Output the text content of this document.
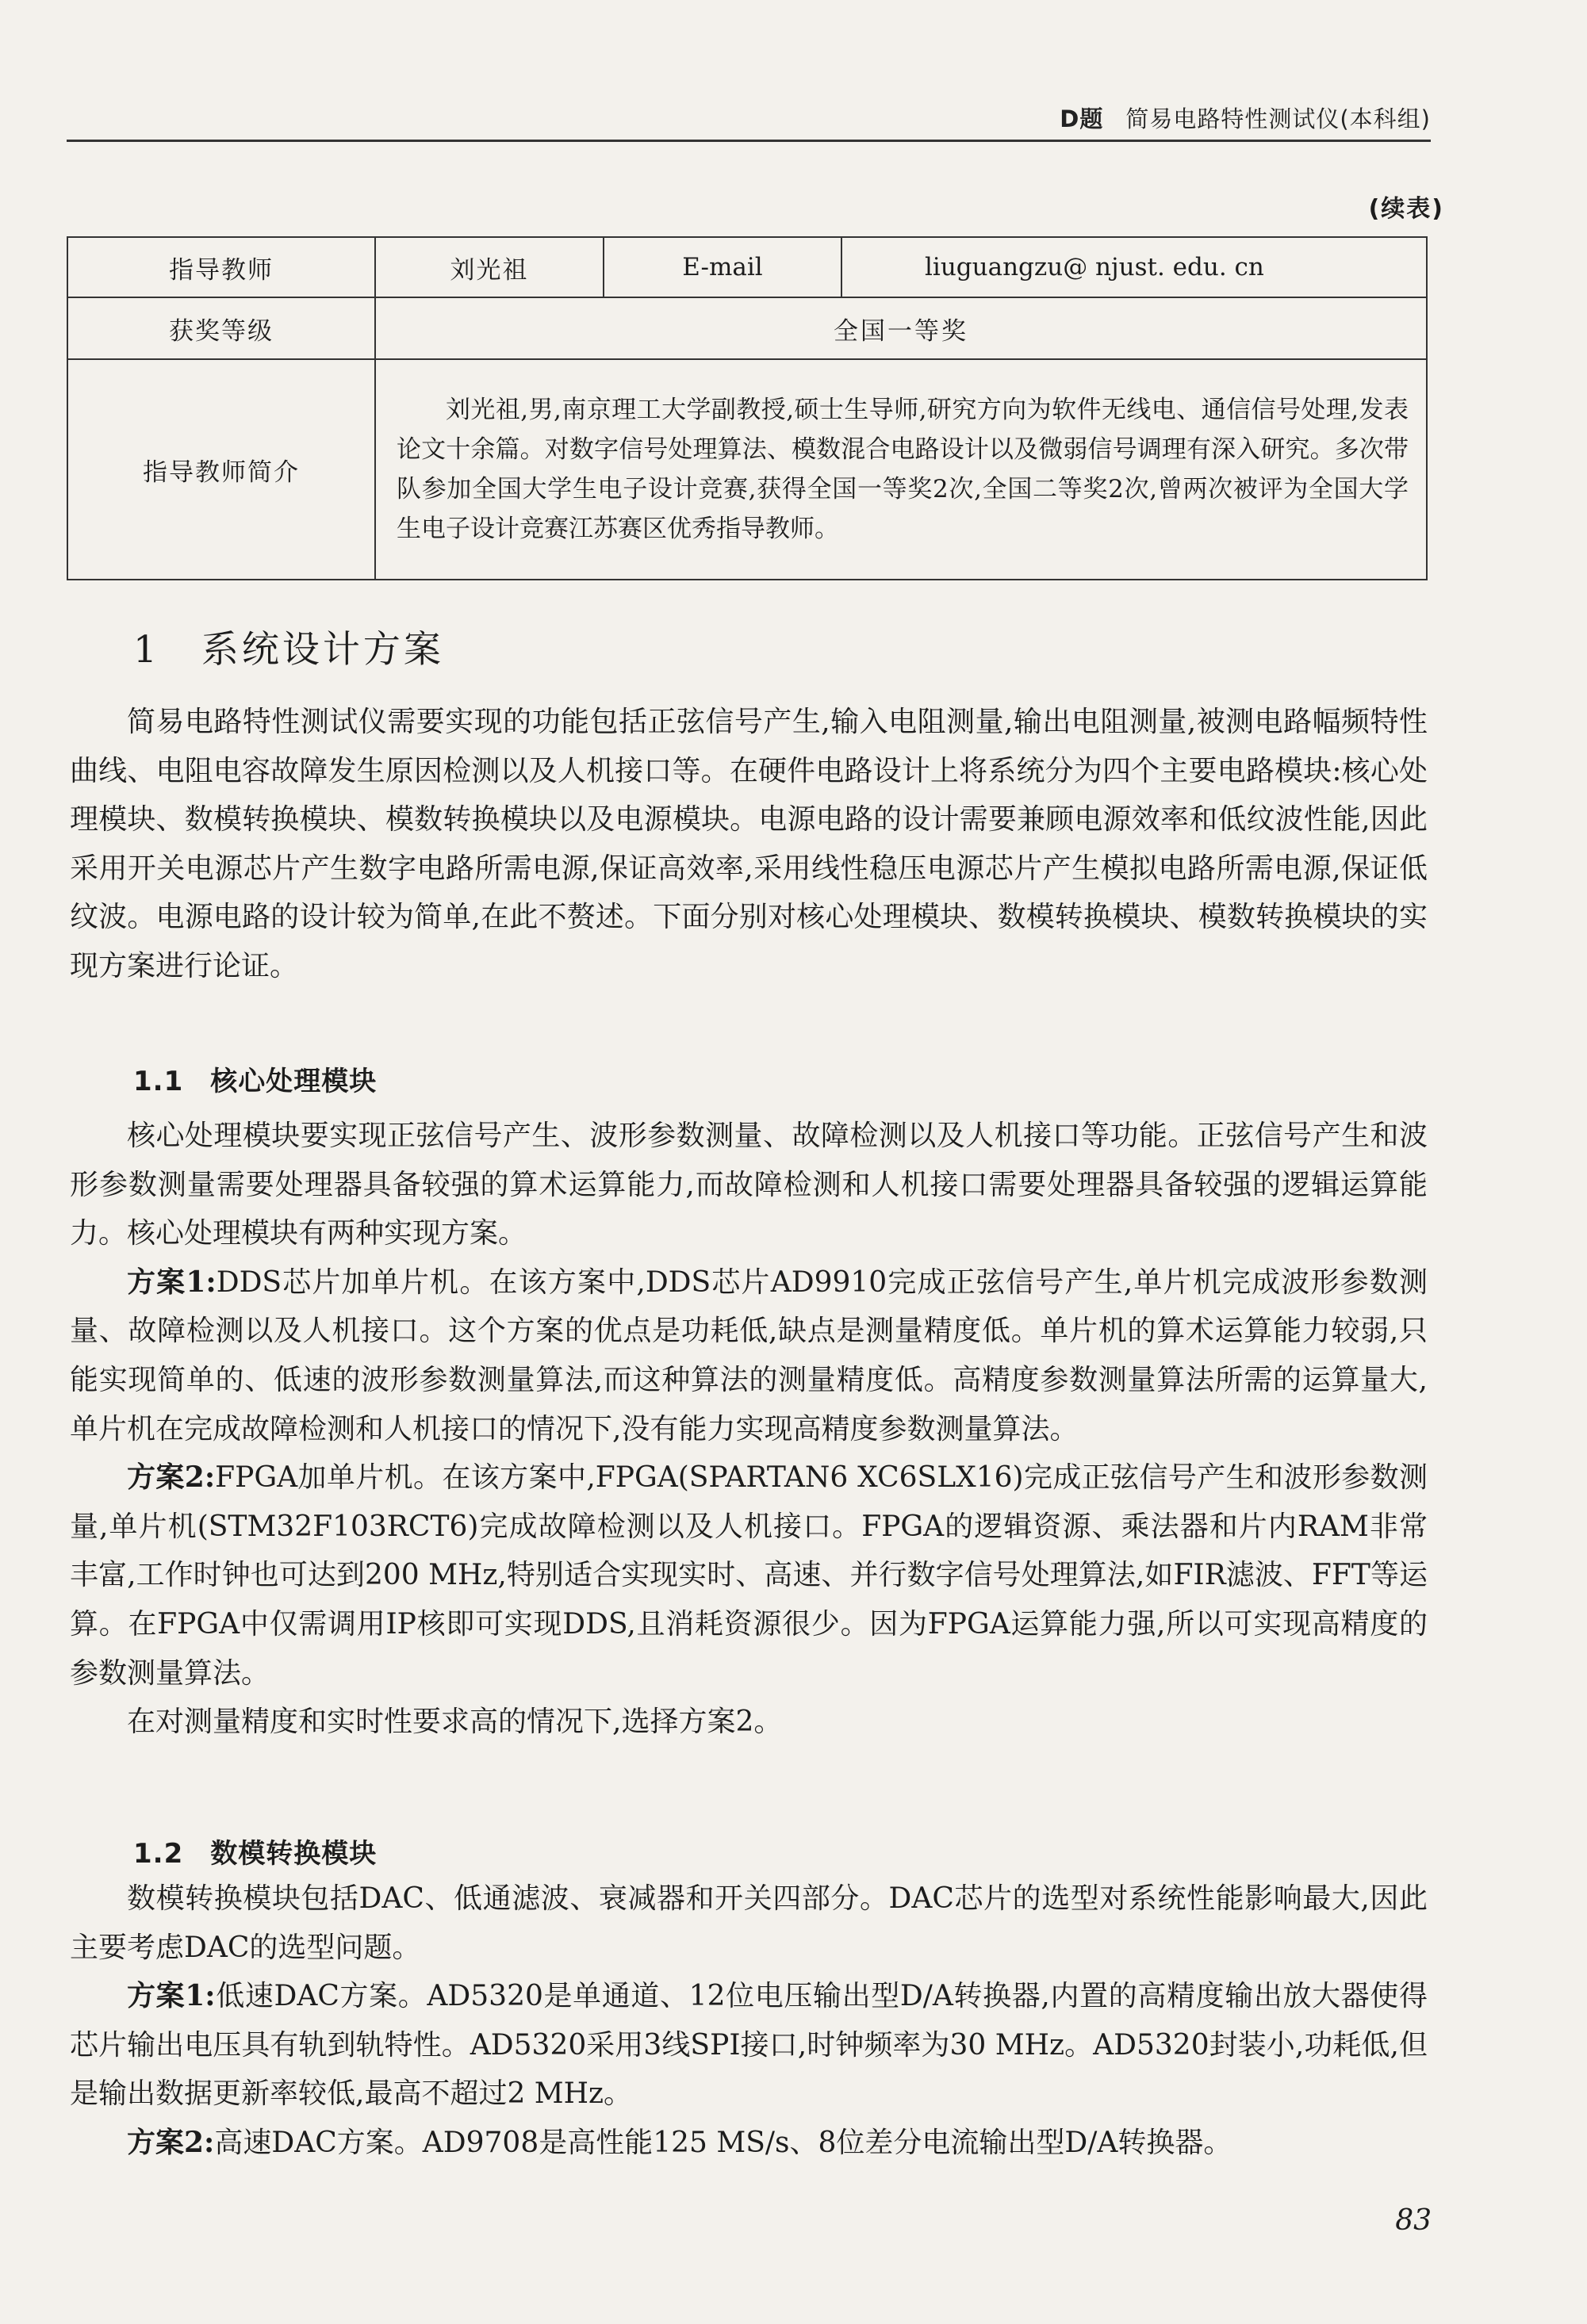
D题 简易电路特性测试仪(本科组)
(续表)
指导教师	刘光祖	E-mail	liuguangzu@ njust. edu. cn
获奖等级	全国一等奖		
指导教师简介	刘光祖,男,南京理工大学副教授,硕士生导师,研究方向为软件无线电、通信信号处理,发表论文十余篇。对数字信号处理算法、模数混合电路设计以及微弱信号调理有深入研究。多次带队参加全国大学生电子设计竞赛,获得全国一等奖2次,全国二等奖2次,曾两次被评为全国大学生电子设计竞赛江苏赛区优秀指导教师。		
1 系统设计方案

简易电路特性测试仪需要实现的功能包括正弦信号产生,输入电阻测量,输出电阻测量,被测电路幅频特性曲线、电阻电容故障发生原因检测以及人机接口等。在硬件电路设计上将系统分为四个主要电路模块:核心处理模块、数模转换模块、模数转换模块以及电源模块。电源电路的设计需要兼顾电源效率和低纹波性能,因此采用开关电源芯片产生数字电路所需电源,保证高效率,采用线性稳压电源芯片产生模拟电路所需电源,保证低纹波。电源电路的设计较为简单,在此不赘述。下面分别对核心处理模块、数模转换模块、模数转换模块的实现方案进行论证。

1.1 核心处理模块

核心处理模块要实现正弦信号产生、波形参数测量、故障检测以及人机接口等功能。正弦信号产生和波形参数测量需要处理器具备较强的算术运算能力,而故障检测和人机接口需要处理器具备较强的逻辑运算能力。核心处理模块有两种实现方案。

方案1:DDS芯片加单片机。在该方案中,DDS芯片AD9910完成正弦信号产生,单片机完成波形参数测量、故障检测以及人机接口。这个方案的优点是功耗低,缺点是测量精度低。单片机的算术运算能力较弱,只能实现简单的、低速的波形参数测量算法,而这种算法的测量精度低。高精度参数测量算法所需的运算量大,单片机在完成故障检测和人机接口的情况下,没有能力实现高精度参数测量算法。

方案2:FPGA加单片机。在该方案中,FPGA(SPARTAN6 XC6SLX16)完成正弦信号产生和波形参数测量,单片机(STM32F103RCT6)完成故障检测以及人机接口。FPGA的逻辑资源、乘法器和片内RAM非常丰富,工作时钟也可达到200 MHz,特别适合实现实时、高速、并行数字信号处理算法,如FIR滤波、FFT等运算。在FPGA中仅需调用IP核即可实现DDS,且消耗资源很少。因为FPGA运算能力强,所以可实现高精度的参数测量算法。

在对测量精度和实时性要求高的情况下,选择方案2。

1.2 数模转换模块

数模转换模块包括DAC、低通滤波、衰减器和开关四部分。DAC芯片的选型对系统性能影响最大,因此主要考虑DAC的选型问题。

方案1:低速DAC方案。AD5320是单通道、12位电压输出型D/A转换器,内置的高精度输出放大器使得芯片输出电压具有轨到轨特性。AD5320采用3线SPI接口,时钟频率为30 MHz。AD5320封装小,功耗低,但是输出数据更新率较低,最高不超过2 MHz。

方案2:高速DAC方案。AD9708是高性能125 MS/s、8位差分电流输出型D/A转换器。

83
